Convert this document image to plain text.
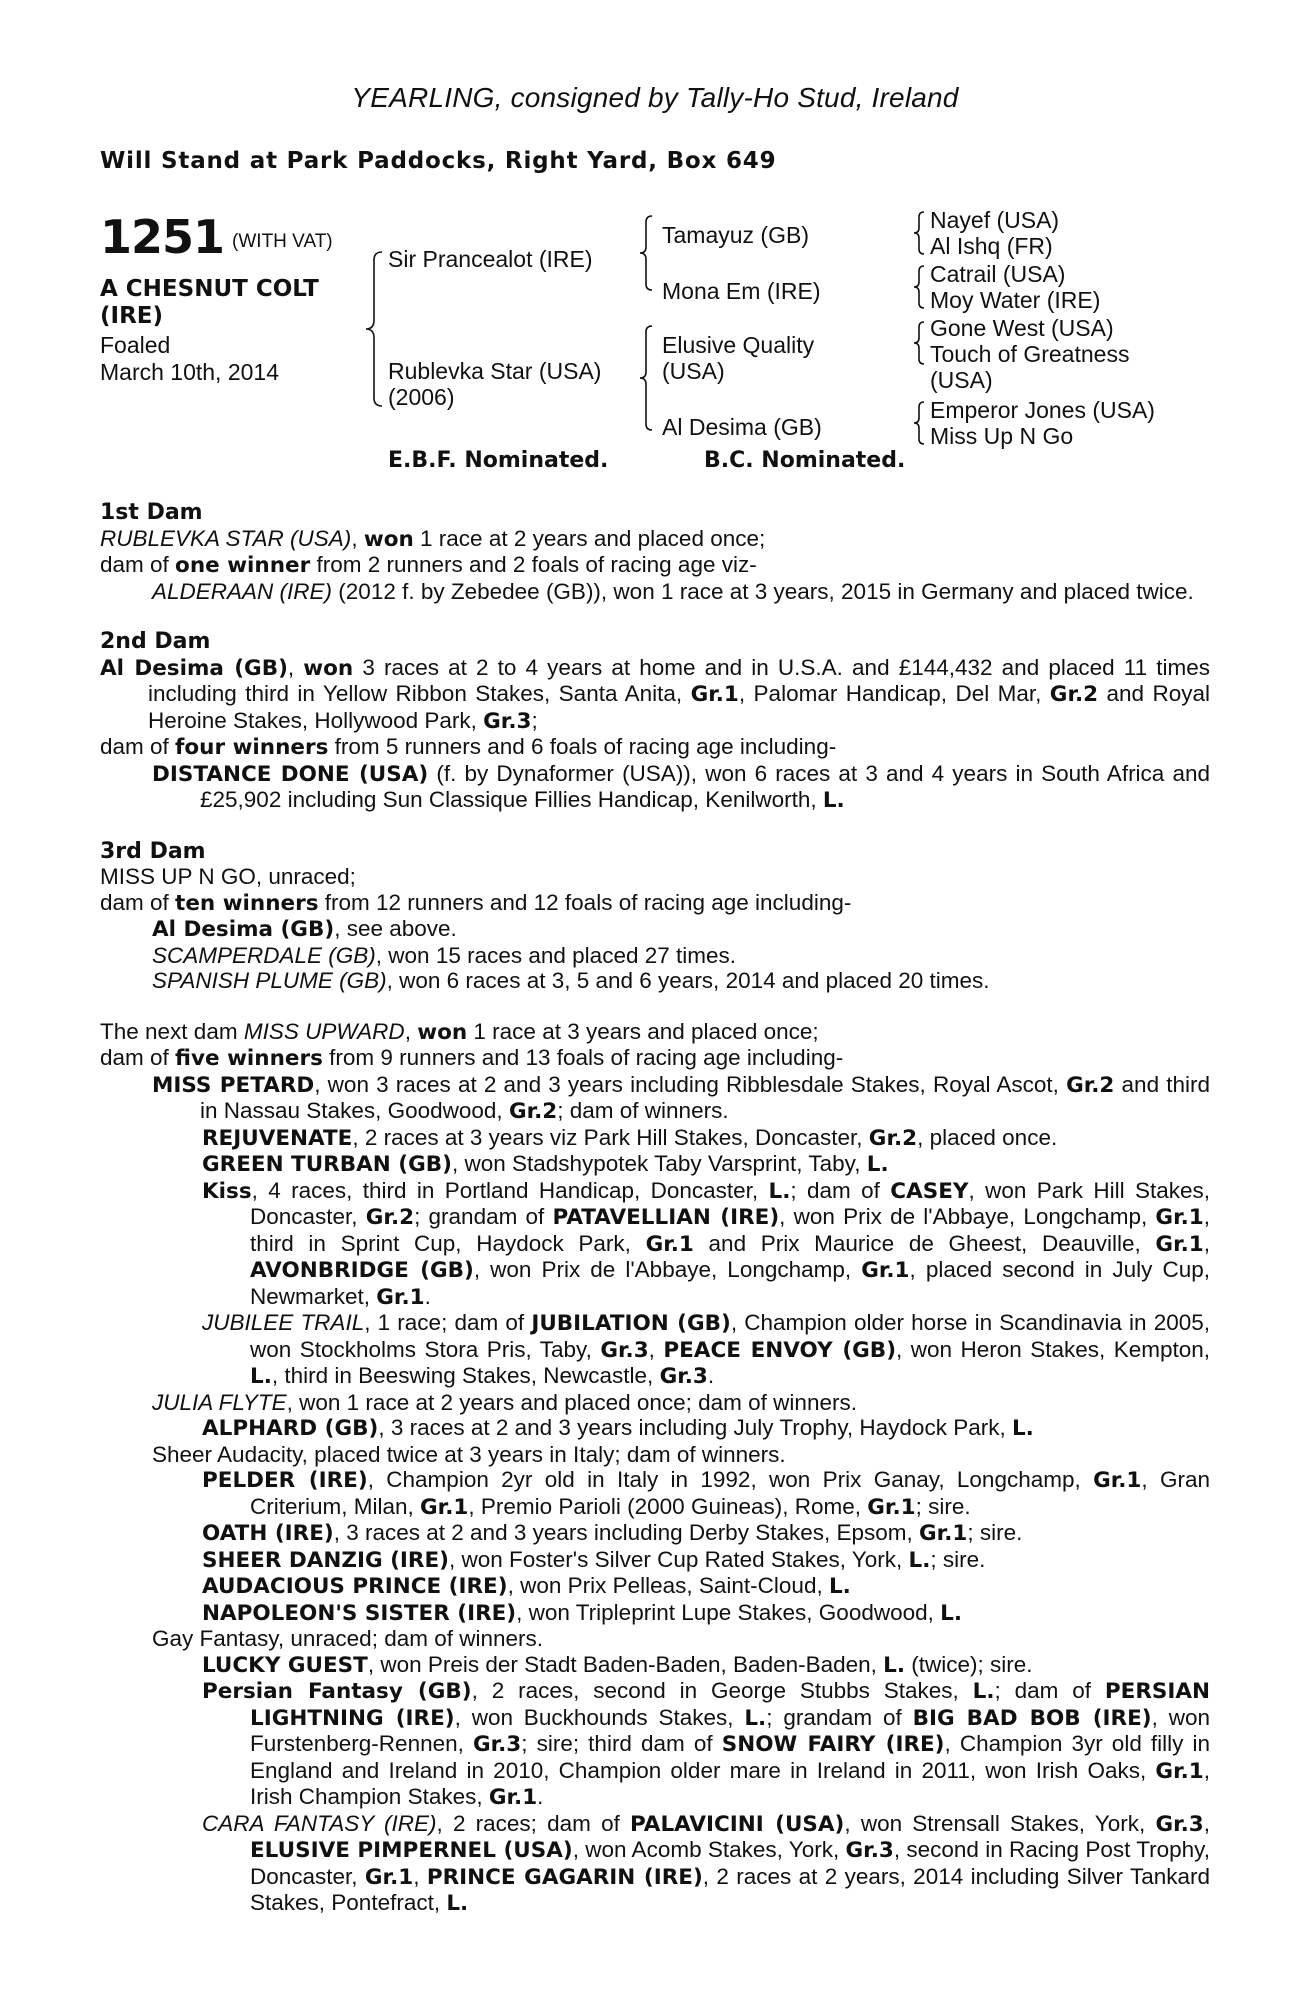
YEARLING, consigned by Tally-Ho Stud, Ireland
Will Stand at Park Paddocks, Right Yard, Box 649
1251 (WITH VAT)
A CHESNUT COLT
(IRE)
Foaled
March 10th, 2014
Sir Prancealot (IRE)
Rublevka Star (USA)
(2006)
Tamayuz (GB)
Mona Em (IRE)
Elusive Quality
(USA)
Al Desima (GB)
Nayef (USA)
Al Ishq (FR)
Catrail (USA)
Moy Water (IRE)
Gone West (USA)
Touch of Greatness
(USA)
Emperor Jones (USA)
Miss Up N Go
E.B.F. Nominated.	B.C. Nominated.
1st Dam
RUBLEVKA STAR (USA), won 1 race at 2 years and placed once;
dam of one winner from 2 runners and 2 foals of racing age viz-
ALDERAAN (IRE) (2012 f. by Zebedee (GB)), won 1 race at 3 years, 2015 in Germany and placed twice.
2nd Dam
Al Desima (GB), won 3 races at 2 to 4 years at home and in U.S.A. and £144,432 and placed 11 times including third in Yellow Ribbon Stakes, Santa Anita, Gr.1, Palomar Handicap, Del Mar, Gr.2 and Royal Heroine Stakes, Hollywood Park, Gr.3;
dam of four winners from 5 runners and 6 foals of racing age including-
DISTANCE DONE (USA) (f. by Dynaformer (USA)), won 6 races at 3 and 4 years in South Africa and £25,902 including Sun Classique Fillies Handicap, Kenilworth, L.
3rd Dam
MISS UP N GO, unraced;
dam of ten winners from 12 runners and 12 foals of racing age including-
Al Desima (GB), see above.
SCAMPERDALE (GB), won 15 races and placed 27 times.
SPANISH PLUME (GB), won 6 races at 3, 5 and 6 years, 2014 and placed 20 times.
The next dam MISS UPWARD, won 1 race at 3 years and placed once;
dam of five winners from 9 runners and 13 foals of racing age including-
MISS PETARD, won 3 races at 2 and 3 years including Ribblesdale Stakes, Royal Ascot, Gr.2 and third in Nassau Stakes, Goodwood, Gr.2; dam of winners.
REJUVENATE, 2 races at 3 years viz Park Hill Stakes, Doncaster, Gr.2, placed once.
GREEN TURBAN (GB), won Stadshypotek Taby Varsprint, Taby, L.
Kiss, 4 races, third in Portland Handicap, Doncaster, L.; dam of CASEY, won Park Hill Stakes, Doncaster, Gr.2; grandam of PATAVELLIAN (IRE), won Prix de l'Abbaye, Longchamp, Gr.1, third in Sprint Cup, Haydock Park, Gr.1 and Prix Maurice de Gheest, Deauville, Gr.1, AVONBRIDGE (GB), won Prix de l'Abbaye, Longchamp, Gr.1, placed second in July Cup, Newmarket, Gr.1.
JUBILEE TRAIL, 1 race; dam of JUBILATION (GB), Champion older horse in Scandinavia in 2005, won Stockholms Stora Pris, Taby, Gr.3, PEACE ENVOY (GB), won Heron Stakes, Kempton, L., third in Beeswing Stakes, Newcastle, Gr.3.
JULIA FLYTE, won 1 race at 2 years and placed once; dam of winners.
ALPHARD (GB), 3 races at 2 and 3 years including July Trophy, Haydock Park, L.
Sheer Audacity, placed twice at 3 years in Italy; dam of winners.
PELDER (IRE), Champion 2yr old in Italy in 1992, won Prix Ganay, Longchamp, Gr.1, Gran Criterium, Milan, Gr.1, Premio Parioli (2000 Guineas), Rome, Gr.1; sire.
OATH (IRE), 3 races at 2 and 3 years including Derby Stakes, Epsom, Gr.1; sire.
SHEER DANZIG (IRE), won Foster's Silver Cup Rated Stakes, York, L.; sire.
AUDACIOUS PRINCE (IRE), won Prix Pelleas, Saint-Cloud, L.
NAPOLEON'S SISTER (IRE), won Tripleprint Lupe Stakes, Goodwood, L.
Gay Fantasy, unraced; dam of winners.
LUCKY GUEST, won Preis der Stadt Baden-Baden, Baden-Baden, L. (twice); sire.
Persian Fantasy (GB), 2 races, second in George Stubbs Stakes, L.; dam of PERSIAN LIGHTNING (IRE), won Buckhounds Stakes, L.; grandam of BIG BAD BOB (IRE), won Furstenberg-Rennen, Gr.3; sire; third dam of SNOW FAIRY (IRE), Champion 3yr old filly in England and Ireland in 2010, Champion older mare in Ireland in 2011, won Irish Oaks, Gr.1, Irish Champion Stakes, Gr.1.
CARA FANTASY (IRE), 2 races; dam of PALAVICINI (USA), won Strensall Stakes, York, Gr.3, ELUSIVE PIMPERNEL (USA), won Acomb Stakes, York, Gr.3, second in Racing Post Trophy, Doncaster, Gr.1, PRINCE GAGARIN (IRE), 2 races at 2 years, 2014 including Silver Tankard Stakes, Pontefract, L.
